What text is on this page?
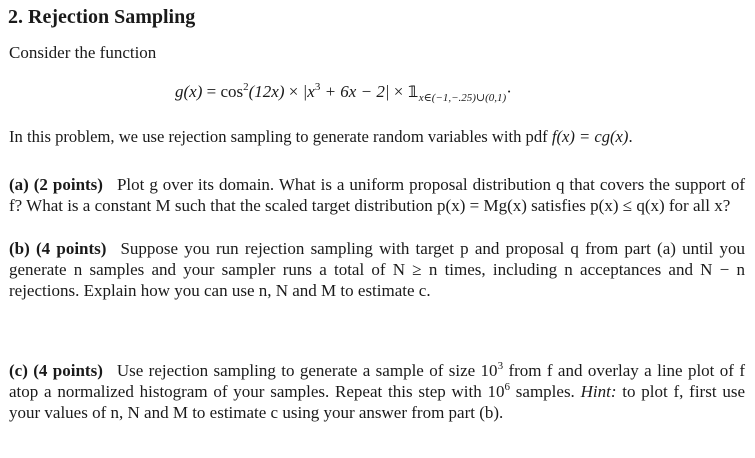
2. Rejection Sampling
Consider the function
$g(x) = \cos^2(12x) \times |x^3 + 6x - 2|$ × $𝟙_{x\in(-1,-.25)\cup(0,1)}\cdot$
In this problem, we use rejection sampling to generate random variables with pdf f(x) = cg(x).
(a) (2 points) Plot g over its domain. What is a uniform proposal distribution q that covers the support of f? What is a constant M such that the scaled target distribution p(x) = Mg(x) satisfies p(x) ≤ q(x) for all x?
(b) (4 points) Suppose you run rejection sampling with target p and proposal q from part (a) until you generate n samples and your sampler runs a total of N ≥ n times, including n acceptances and N − n rejections. Explain how you can use n, N and M to estimate c.
(c) (4 points) Use rejection sampling to generate a sample of size $10^3$ from f and overlay a line plot of f atop a normalized histogram of your samples. Repeat this step with $10^6$ samples. Hint: to plot f, first use your values of n, N and M to estimate c using your answer from part (b).
